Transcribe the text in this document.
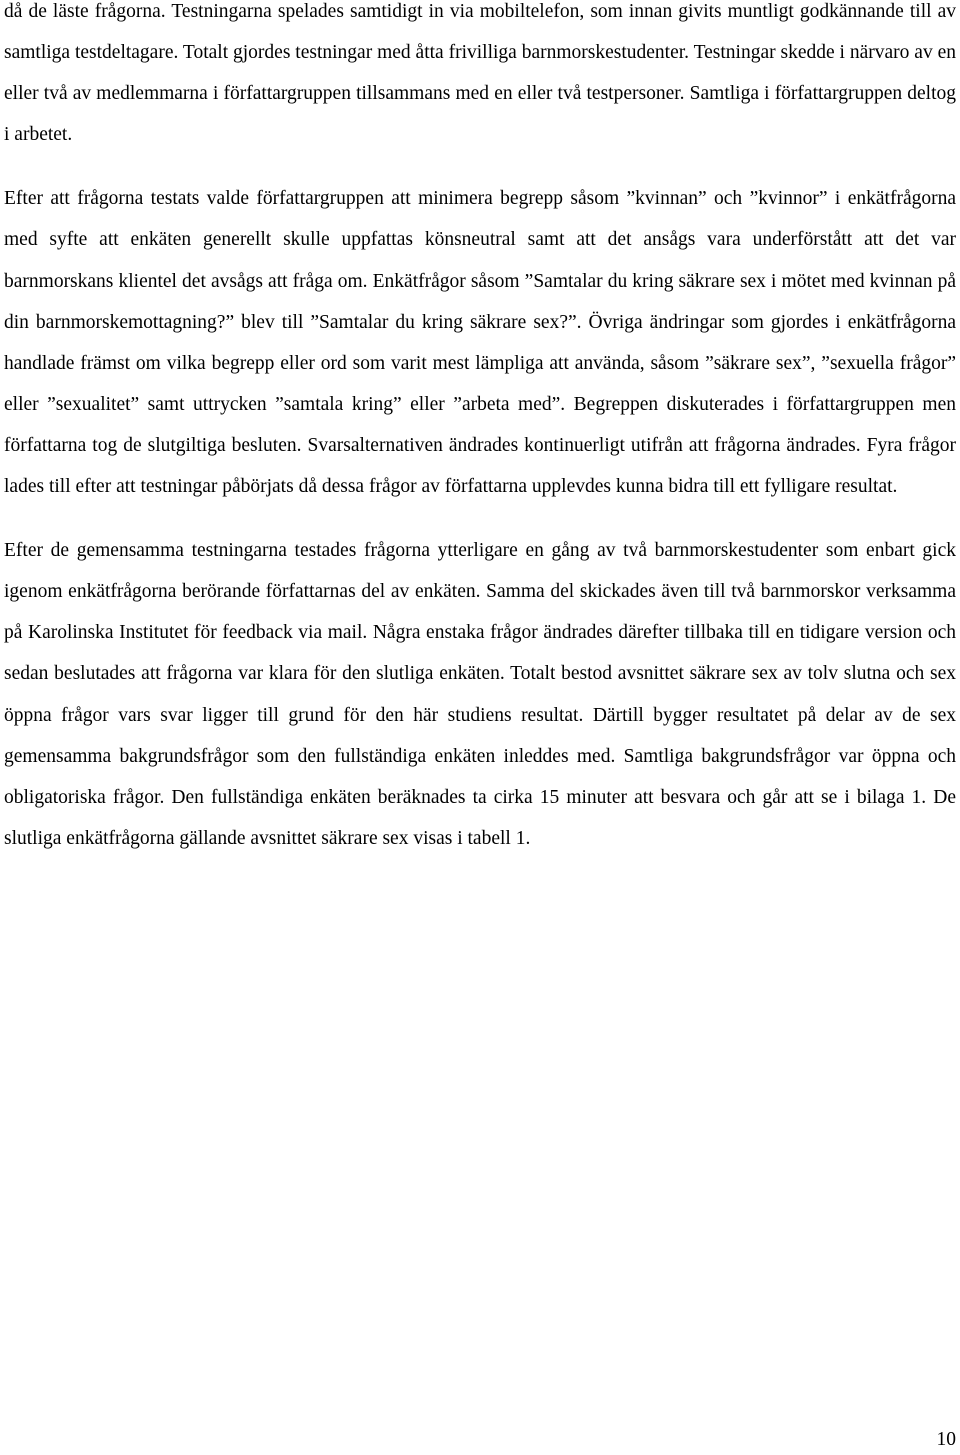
då de läste frågorna. Testningarna spelades samtidigt in via mobiltelefon, som innan givits muntligt godkännande till av samtliga testdeltagare. Totalt gjordes testningar med åtta frivilliga barnmorskestudenter. Testningar skedde i närvaro av en eller två av medlemmarna i författargruppen tillsammans med en eller två testpersoner. Samtliga i författargruppen deltog i arbetet.

Efter att frågorna testats valde författargruppen att minimera begrepp såsom ”kvinnan” och ”kvinnor” i enkätfrågorna med syfte att enkäten generellt skulle uppfattas könsneutral samt att det ansågs vara underförstått att det var barnmorskans klientel det avsågs att fråga om. Enkätfrågor såsom ”Samtalar du kring säkrare sex i mötet med kvinnan på din barnmorskemottagning?” blev till ”Samtalar du kring säkrare sex?”. Övriga ändringar som gjordes i enkätfrågorna handlade främst om vilka begrepp eller ord som varit mest lämpliga att använda, såsom ”säkrare sex”, ”sexuella frågor” eller ”sexualitet” samt uttrycken ”samtala kring” eller ”arbeta med”. Begreppen diskuterades i författargruppen men författarna tog de slutgiltiga besluten. Svarsalternativen ändrades kontinuerligt utifrån att frågorna ändrades. Fyra frågor lades till efter att testningar påbörjats då dessa frågor av författarna upplevdes kunna bidra till ett fylligare resultat.

Efter de gemensamma testningarna testades frågorna ytterligare en gång av två barnmorskestudenter som enbart gick igenom enkätfrågorna berörande författarnas del av enkäten. Samma del skickades även till två barnmorskor verksamma på Karolinska Institutet för feedback via mail. Några enstaka frågor ändrades därefter tillbaka till en tidigare version och sedan beslutades att frågorna var klara för den slutliga enkäten. Totalt bestod avsnittet säkrare sex av tolv slutna och sex öppna frågor vars svar ligger till grund för den här studiens resultat. Därtill bygger resultatet på delar av de sex gemensamma bakgrundsfrågor som den fullständiga enkäten inleddes med. Samtliga bakgrundsfrågor var öppna och obligatoriska frågor. Den fullständiga enkäten beräknades ta cirka 15 minuter att besvara och går att se i bilaga 1. De slutliga enkätfrågorna gällande avsnittet säkrare sex visas i tabell 1.

10
